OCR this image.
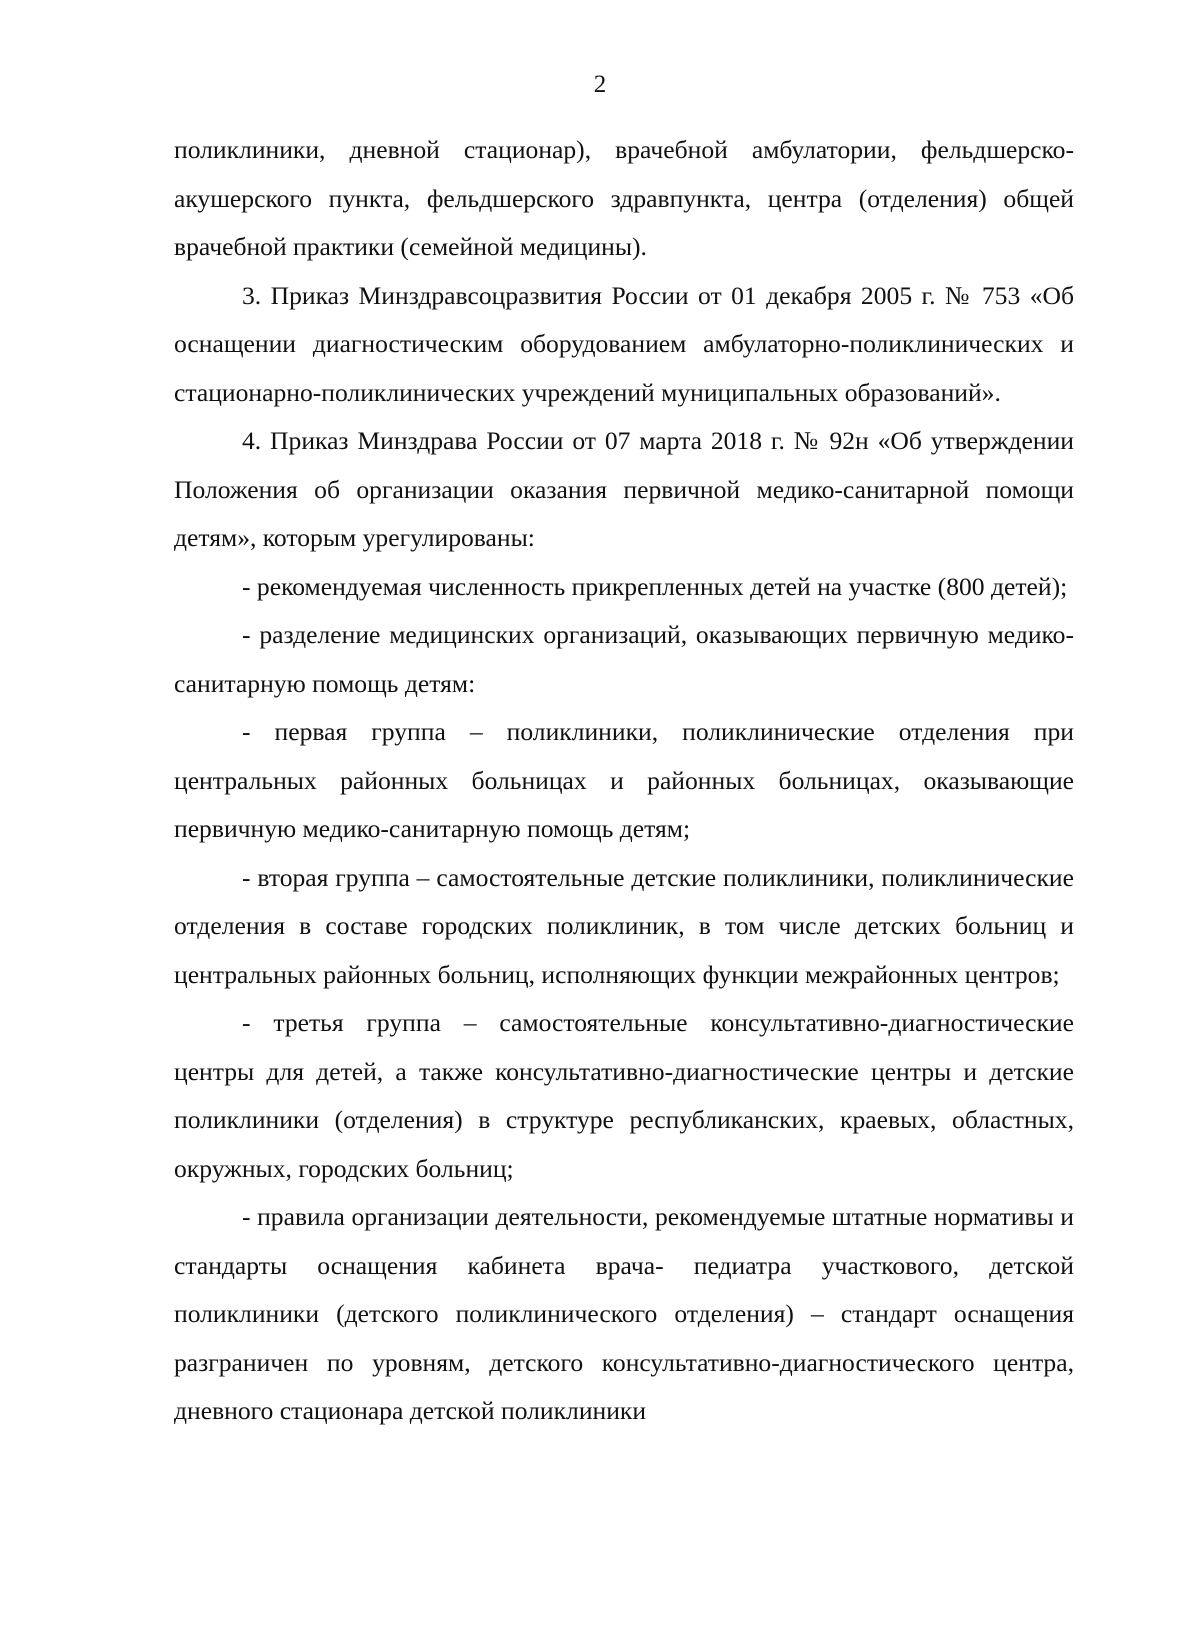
2

поликлиники, дневной стационар), врачебной амбулатории, фельдшерско-акушерского пункта, фельдшерского здравпункта, центра (отделения) общей врачебной практики (семейной медицины).

3. Приказ Минздравсоцразвития России от 01 декабря 2005 г. № 753 «Об оснащении диагностическим оборудованием амбулаторно-поликлинических и стационарно-поликлинических учреждений муниципальных образований».

4. Приказ Минздрава России от 07 марта 2018 г. № 92н «Об утверждении Положения об организации оказания первичной медико-санитарной помощи детям», которым урегулированы:

- рекомендуемая численность прикрепленных детей на участке (800 детей);

- разделение медицинских организаций, оказывающих первичную медико-санитарную помощь детям:

- первая группа – поликлиники, поликлинические отделения при центральных районных больницах и районных больницах, оказывающие первичную медико-санитарную помощь детям;

- вторая группа – самостоятельные детские поликлиники, поликлинические отделения в составе городских поликлиник, в том числе детских больниц и центральных районных больниц, исполняющих функции межрайонных центров;

- третья группа – самостоятельные консультативно-диагностические центры для детей, а также консультативно-диагностические центры и детские поликлиники (отделения) в структуре республиканских, краевых, областных, окружных, городских больниц;

- правила организации деятельности, рекомендуемые штатные нормативы и стандарты оснащения кабинета врача- педиатра участкового, детской поликлиники (детского поликлинического отделения) – стандарт оснащения разграничен по уровням, детского консультативно-диагностического центра, дневного стационара детской поликлиники
